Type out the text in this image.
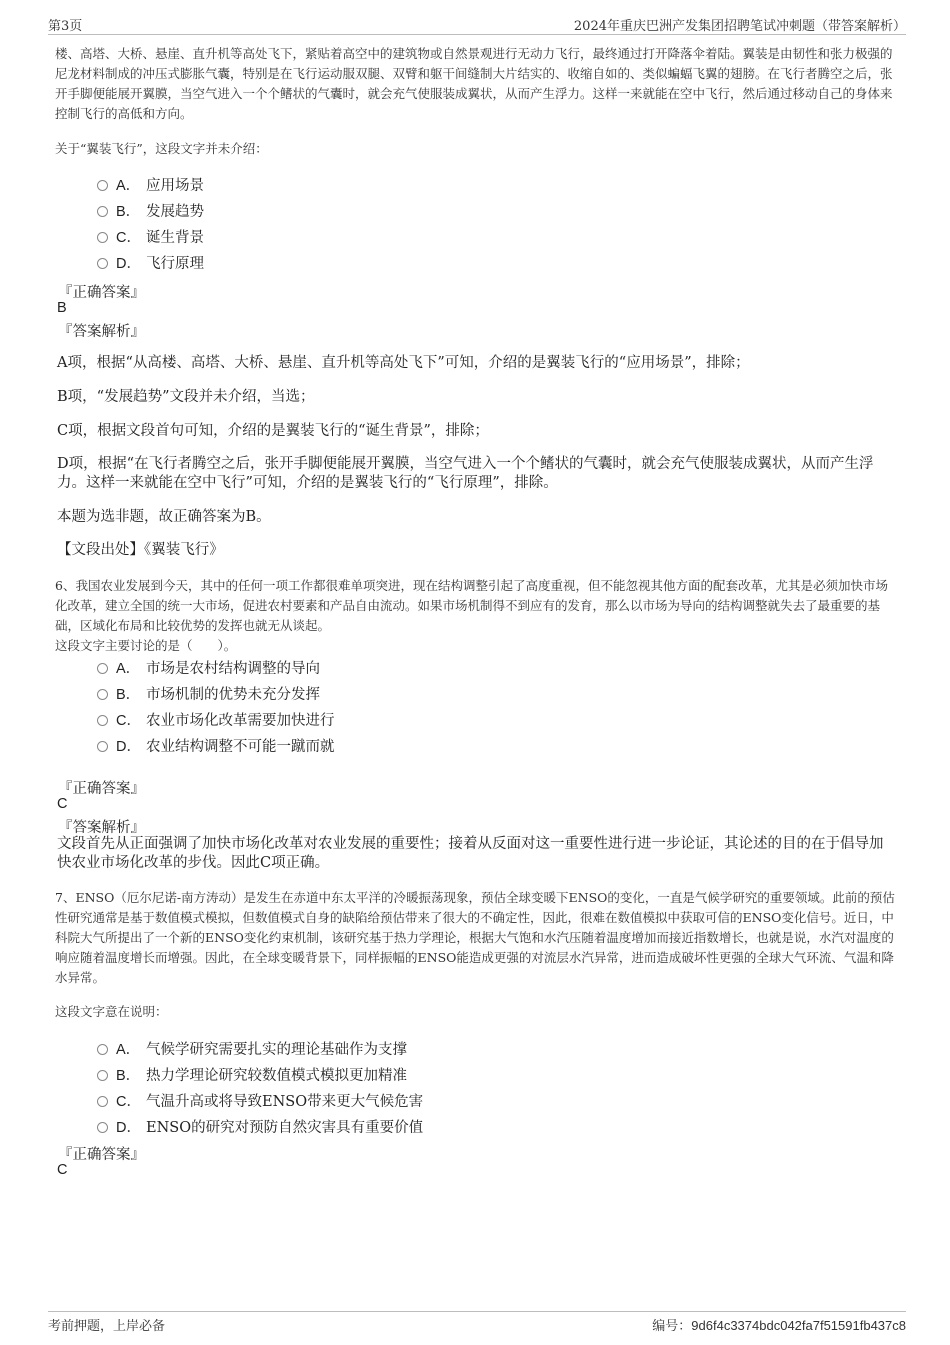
第3页	2024年重庆巴洲产发集团招聘笔试冲刺题（带答案解析）

楼、高塔、大桥、悬崖、直升机等高处飞下，紧贴着高空中的建筑物或自然景观进行无动力飞行，最终通过打开降落伞着陆。翼装是由韧性和张力极强的尼龙材料制成的冲压式膨胀气囊，特别是在飞行运动服双腿、双臂和躯干间缝制大片结实的、收缩自如的、类似蝙蝠飞翼的翅膀。在飞行者腾空之后，张开手脚便能展开翼膜，当空气进入一个个鳍状的气囊时，就会充气使服装成翼状，从而产生浮力。这样一来就能在空中飞行，然后通过移动自己的身体来控制飞行的高低和方向。

关于“翼装飞行”，这段文字并未介绍：

A． 应用场景
B． 发展趋势
C． 诞生背景
D． 飞行原理

『正确答案』

B

『答案解析』

A项，根据“从高楼、高塔、大桥、悬崖、直升机等高处飞下”可知，介绍的是翼装飞行的“应用场景”，排除；

B项，“发展趋势”文段并未介绍，当选；

C项，根据文段首句可知，介绍的是翼装飞行的“诞生背景”，排除；

D项，根据“在飞行者腾空之后，张开手脚便能展开翼膜，当空气进入一个个鳍状的气囊时，就会充气使服装成翼状，从而产生浮力。这样一来就能在空中飞行”可知，介绍的是翼装飞行的“飞行原理”，排除。

本题为选非题，故正确答案为B。

【文段出处】《翼装飞行》

6、我国农业发展到今天，其中的任何一项工作都很难单项突进，现在结构调整引起了高度重视，但不能忽视其他方面的配套改革，尤其是必须加快市场化改革，建立全国的统一大市场，促进农村要素和产品自由流动。如果市场机制得不到应有的发育，那么以市场为导向的结构调整就失去了最重要的基础，区域化布局和比较优势的发挥也就无从谈起。

这段文字主要讨论的是（　　）。

A． 市场是农村结构调整的导向
B． 市场机制的优势未充分发挥
C． 农业市场化改革需要加快进行
D． 农业结构调整不可能一蹴而就

『正确答案』

C

『答案解析』

文段首先从正面强调了加快市场化改革对农业发展的重要性；接着从反面对这一重要性进行进一步论证，其论述的目的在于倡导加快农业市场化改革的步伐。因此C项正确。

7、ENSO（厄尔尼诺-南方涛动）是发生在赤道中东太平洋的冷暖振荡现象，预估全球变暖下ENSO的变化，一直是气候学研究的重要领域。此前的预估性研究通常是基于数值模式模拟，但数值模式自身的缺陷给预估带来了很大的不确定性，因此，很难在数值模拟中获取可信的ENSO变化信号。近日，中科院大气所提出了一个新的ENSO变化约束机制，该研究基于热力学理论，根据大气饱和水汽压随着温度增加而接近指数增长，也就是说，水汽对温度的响应随着温度增长而增强。因此，在全球变暖背景下，同样振幅的ENSO能造成更强的对流层水汽异常，进而造成破坏性更强的全球大气环流、气温和降水异常。

这段文字意在说明：

A． 气候学研究需要扎实的理论基础作为支撑
B． 热力学理论研究较数值模式模拟更加精准
C． 气温升高或将导致ENSO带来更大气候危害
D． ENSO的研究对预防自然灾害具有重要价值

『正确答案』

C

考前押题，上岸必备	编号：9d6f4c3374bdc042fa7f51591fb437c8
